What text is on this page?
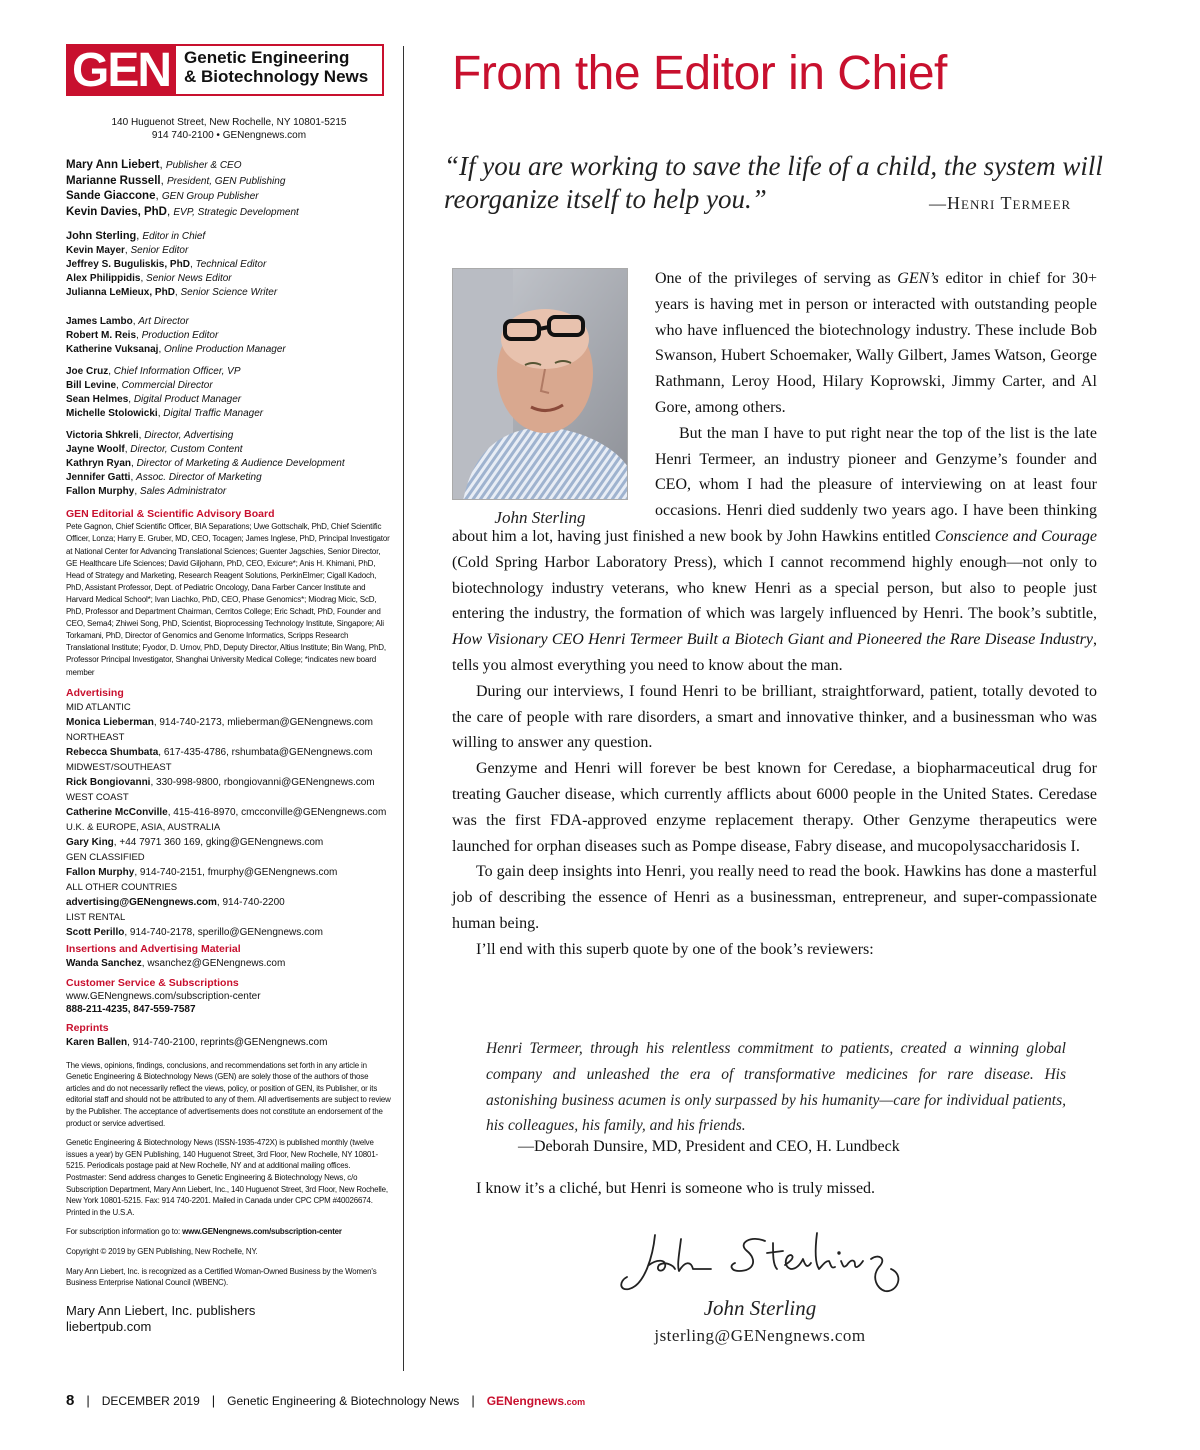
GEN Genetic Engineering
& Biotechnology News
140 Huguenot Street, New Rochelle, NY 10801-5215
914 740-2100 • GENengnews.com
Mary Ann Liebert, Publisher & CEO
Marianne Russell, President, GEN Publishing
Sande Giaccone, GEN Group Publisher
Kevin Davies, PhD, EVP, Strategic Development
John Sterling, Editor in Chief
Kevin Mayer, Senior Editor
Jeffrey S. Buguliskis, PhD, Technical Editor
Alex Philippidis, Senior News Editor
Julianna LeMieux, PhD, Senior Science Writer
James Lambo, Art Director
Robert M. Reis, Production Editor
Katherine Vuksanaj, Online Production Manager
Joe Cruz, Chief Information Officer, VP
Bill Levine, Commercial Director
Sean Helmes, Digital Product Manager
Michelle Stolowicki, Digital Traffic Manager
Victoria Shkreli, Director, Advertising
Jayne Woolf, Director, Custom Content
Kathryn Ryan, Director of Marketing & Audience Development
Jennifer Gatti, Assoc. Director of Marketing
Fallon Murphy, Sales Administrator
GEN Editorial & Scientific Advisory Board
Pete Gagnon, Chief Scientific Officer, BIA Separations; Uwe Gottschalk, PhD, Chief Scientific Officer, Lonza; Harry E. Gruber, MD, CEO, Tocagen; James Inglese, PhD, Principal Investigator at National Center for Advancing Translational Sciences; Guenter Jagschies, Senior Director, GE Healthcare Life Sciences; David Giljohann, PhD, CEO, Exicure*; Anis H. Khimani, PhD, Head of Strategy and Marketing, Research Reagent Solutions, PerkinElmer; Cigall Kadoch, PhD, Assistant Professor, Dept. of Pediatric Oncology, Dana Farber Cancer Institute and Harvard Medical School*; Ivan Liachko, PhD, CEO, Phase Genomics*; Miodrag Micic, ScD, PhD, Professor and Department Chairman, Cerritos College; Eric Schadt, PhD, Founder and CEO, Sema4; Zhiwei Song, PhD, Scientist, Bioprocessing Technology Institute, Singapore; Ali Torkamani, PhD, Director of Genomics and Genome Informatics, Scripps Research Translational Institute; Fyodor, D. Urnov, PhD, Deputy Director, Altius Institute; Bin Wang, PhD, Professor Principal Investigator, Shanghai University Medical College; *indicates new board member
Advertising
MID ATLANTIC
Monica Lieberman, 914-740-2173, mlieberman@GENengnews.com
NORTHEAST
Rebecca Shumbata, 617-435-4786, rshumbata@GENengnews.com
MIDWEST/SOUTHEAST
Rick Bongiovanni, 330-998-9800, rbongiovanni@GENengnews.com
WEST COAST
Catherine McConville, 415-416-8970, cmcconville@GENengnews.com
U.K. & EUROPE, ASIA, AUSTRALIA
Gary King, +44 7971 360 169, gking@GENengnews.com
GEN CLASSIFIED
Fallon Murphy, 914-740-2151, fmurphy@GENengnews.com
ALL OTHER COUNTRIES
advertising@GENengnews.com, 914-740-2200
LIST RENTAL
Scott Perillo, 914-740-2178, sperillo@GENengnews.com
Insertions and Advertising Material
Wanda Sanchez, wsanchez@GENengnews.com
Customer Service & Subscriptions
www.GENengnews.com/subscription-center
888-211-4235, 847-559-7587
Reprints
Karen Ballen, 914-740-2100, reprints@GENengnews.com
The views, opinions, findings, conclusions, and recommendations set forth in any article in Genetic Engineering & Biotechnology News (GEN) are solely those of the authors of those articles and do not necessarily reflect the views, policy, or position of GEN, its Publisher, or its editorial staff and should not be attributed to any of them. All advertisements are subject to review by the Publisher. The acceptance of advertisements does not constitute an endorsement of the product or service advertised.
Genetic Engineering & Biotechnology News (ISSN-1935-472X) is published monthly (twelve issues a year) by GEN Publishing, 140 Huguenot Street, 3rd Floor, New Rochelle, NY 10801-5215. Periodicals postage paid at New Rochelle, NY and at additional mailing offices. Postmaster: Send address changes to Genetic Engineering & Biotechnology News, c/o Subscription Department, Mary Ann Liebert, Inc., 140 Huguenot Street, 3rd Floor, New Rochelle, New York 10801-5215. Fax: 914 740-2201. Mailed in Canada under CPC CPM #40026674. Printed in the U.S.A.
For subscription information go to: www.GENengnews.com/subscription-center
Copyright © 2019 by GEN Publishing, New Rochelle, NY.
Mary Ann Liebert, Inc. is recognized as a Certified Woman-Owned Business by the Women's Business Enterprise National Council (WBENC).
Mary Ann Liebert, Inc. publishers
liebertpub.com
From the Editor in Chief
“If you are working to save the life of a child, the system will reorganize itself to help you.”	—Henri Termeer
John Sterling

One of the privileges of serving as GEN’s editor in chief for 30+ years is having met in person or interacted with outstanding people who have influenced the biotechnology industry. These include Bob Swanson, Hubert Schoemaker, Wally Gilbert, James Watson, George Rathmann, Leroy Hood, Hilary Koprowski, Jimmy Carter, and Al Gore, among others.

But the man I have to put right near the top of the list is the late Henri Termeer, an industry pioneer and Genzyme’s founder and CEO, whom I had the pleasure of interviewing on at least four occasions. Henri died suddenly two years ago. I have been thinking about him a lot, having just finished a new book by John Hawkins entitled Conscience and Courage (Cold Spring Harbor Laboratory Press), which I cannot recommend highly enough—not only to biotechnology industry veterans, who knew Henri as a special person, but also to people just entering the industry, the formation of which was largely influenced by Henri. The book’s subtitle, How Visionary CEO Henri Termeer Built a Biotech Giant and Pioneered the Rare Disease Industry, tells you almost everything you need to know about the man.

During our interviews, I found Henri to be brilliant, straightforward, patient, totally devoted to the care of people with rare disorders, a smart and innovative thinker, and a businessman who was willing to answer any question.

Genzyme and Henri will forever be best known for Ceredase, a biopharmaceutical drug for treating Gaucher disease, which currently afflicts about 6000 people in the United States. Ceredase was the first FDA-approved enzyme replacement therapy. Other Genzyme therapeutics were launched for orphan diseases such as Pompe disease, Fabry disease, and mucopolysaccharidosis I.

To gain deep insights into Henri, you really need to read the book. Hawkins has done a masterful job of describing the essence of Henri as a businessman, entrepreneur, and super-compassionate human being.

I’ll end with this superb quote by one of the book’s reviewers:

Henri Termeer, through his relentless commitment to patients, created a winning global company and unleashed the era of transformative medicines for rare disease. His astonishing business acumen is only surpassed by his humanity—care for individual patients, his colleagues, his family, and his friends.
—Deborah Dunsire, MD, President and CEO, H. Lundbeck
I know it’s a cliché, but Henri is someone who is truly missed.
John Sterling
jsterling@GENengnews.com
8 | DECEMBER 2019 | Genetic Engineering & Biotechnology News | GENengnews.com
